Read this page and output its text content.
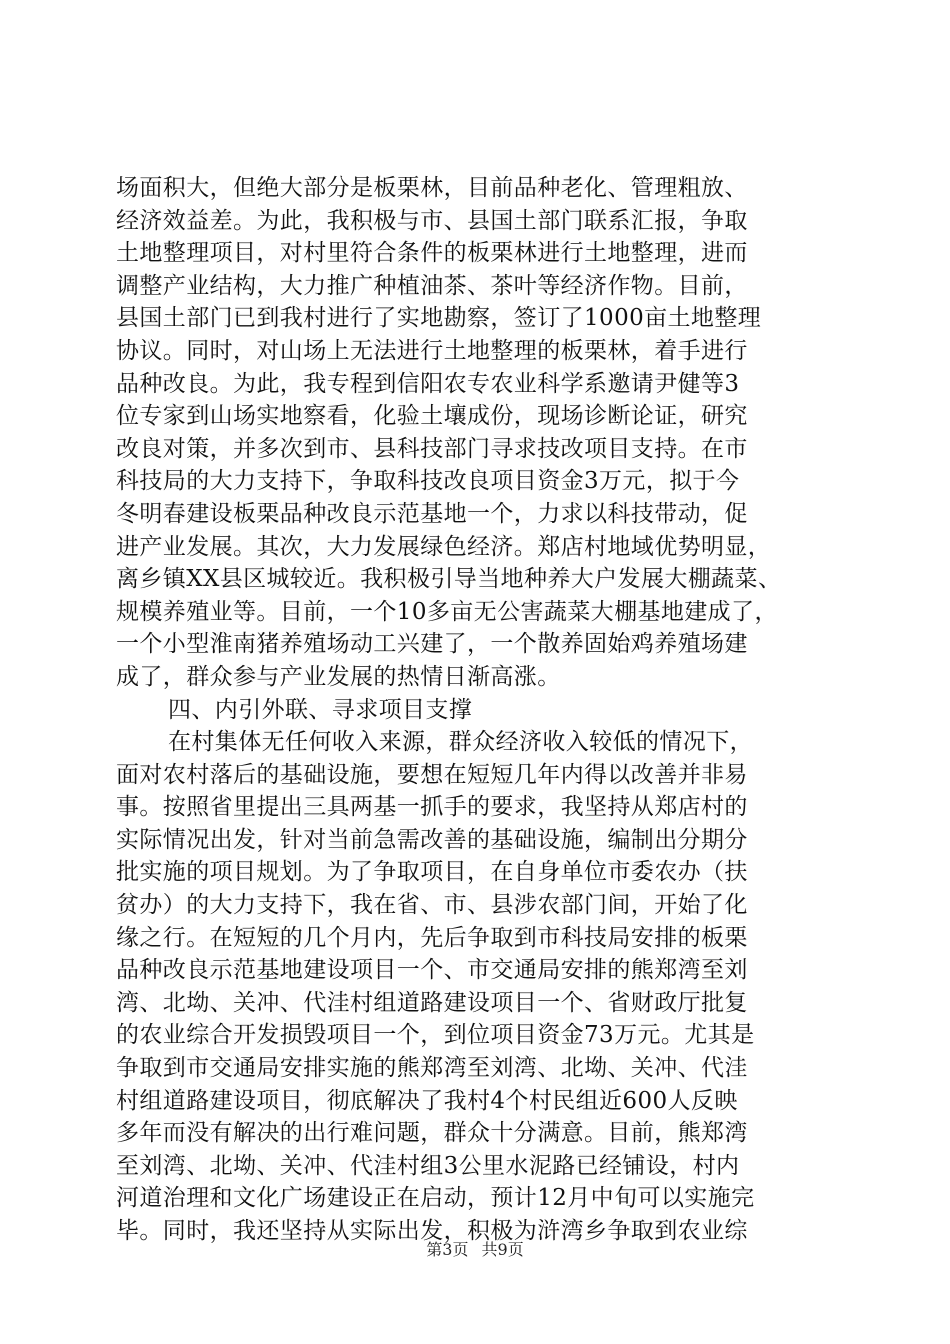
场面积大，但绝大部分是板栗林，目前品种老化、管理粗放、
经济效益差。为此，我积极与市、县国土部门联系汇报，争取
土地整理项目，对村里符合条件的板栗林进行土地整理，进而
调整产业结构，大力推广种植油茶、茶叶等经济作物。目前，
县国土部门已到我村进行了实地勘察，签订了1000亩土地整理
协议。同时，对山场上无法进行土地整理的板栗林，着手进行
品种改良。为此，我专程到信阳农专农业科学系邀请尹健等3
位专家到山场实地察看，化验土壤成份，现场诊断论证，研究
改良对策，并多次到市、县科技部门寻求技改项目支持。在市
科技局的大力支持下，争取科技改良项目资金3万元，拟于今
冬明春建设板栗品种改良示范基地一个，力求以科技带动，促
进产业发展。其次，大力发展绿色经济。郑店村地域优势明显，
离乡镇XX县区城较近。我积极引导当地种养大户发展大棚蔬菜、
规模养殖业等。目前，一个10多亩无公害蔬菜大棚基地建成了，
一个小型淮南猪养殖场动工兴建了，一个散养固始鸡养殖场建
成了，群众参与产业发展的热情日渐高涨。
四、内引外联、寻求项目支撑
在村集体无任何收入来源，群众经济收入较低的情况下，
面对农村落后的基础设施，要想在短短几年内得以改善并非易
事。按照省里提出三具两基一抓手的要求，我坚持从郑店村的
实际情况出发，针对当前急需改善的基础设施，编制出分期分
批实施的项目规划。为了争取项目，在自身单位市委农办（扶
贫办）的大力支持下，我在省、市、县涉农部门间，开始了化
缘之行。在短短的几个月内，先后争取到市科技局安排的板栗
品种改良示范基地建设项目一个、市交通局安排的熊郑湾至刘
湾、北坳、关冲、代洼村组道路建设项目一个、省财政厅批复
的农业综合开发损毁项目一个，到位项目资金73万元。尤其是
争取到市交通局安排实施的熊郑湾至刘湾、北坳、关冲、代洼
村组道路建设项目，彻底解决了我村4个村民组近600人反映
多年而没有解决的出行难问题，群众十分满意。目前，熊郑湾
至刘湾、北坳、关冲、代洼村组3公里水泥路已经铺设，村内
河道治理和文化广场建设正在启动，预计12月中旬可以实施完
毕。同时，我还坚持从实际出发，积极为浒湾乡争取到农业综
第3页 共9页
